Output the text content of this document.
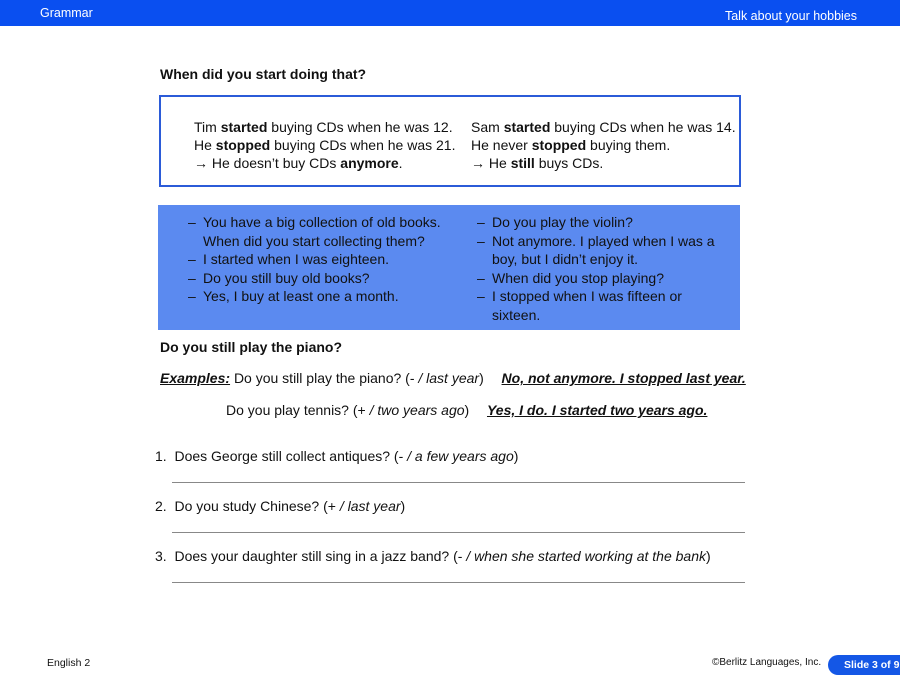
Grammar	Talk about your hobbies
When did you start doing that?
Tim started buying CDs when he was 12.
He stopped buying CDs when he was 21.
→ He doesn’t buy CDs anymore.
Sam started buying CDs when he was 14.
He never stopped buying them.
→ He still buys CDs.
– You have a big collection of old books. When did you start collecting them?
– I started when I was eighteen.
– Do you still buy old books?
– Yes, I buy at least one a month.
– Do you play the violin?
– Not anymore. I played when I was a boy, but I didn’t enjoy it.
– When did you stop playing?
– I stopped when I was fifteen or sixteen.
Do you still play the piano?
Examples: Do you still play the piano? (- / last year) No, not anymore. I stopped last year.
Do you play tennis? (+ / two years ago) Yes, I do. I started two years ago.
1. Does George still collect antiques? (- / a few years ago)
2. Do you study Chinese? (+ / last year)
3. Does your daughter still sing in a jazz band? (- / when she started working at the bank)
English 2	©Berlitz Languages, Inc.	Slide 3 of 9
